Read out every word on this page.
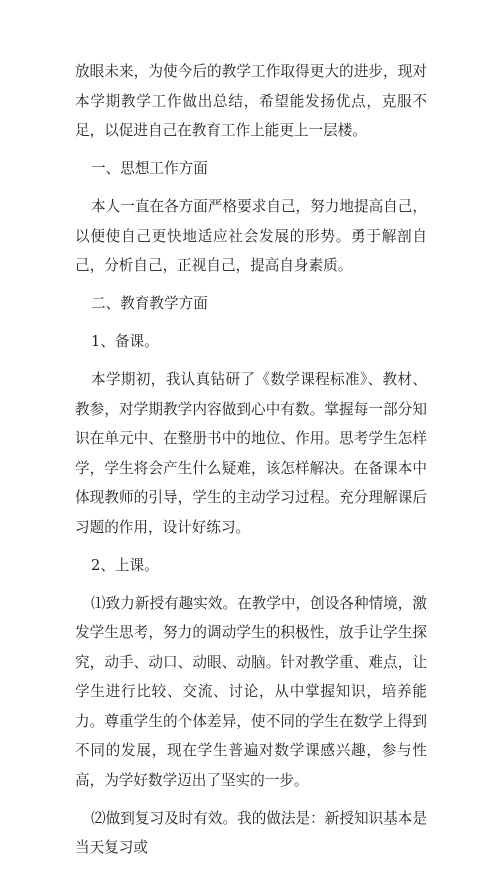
放眼未来，为使今后的教学工作取得更大的进步，现对本学期教学工作做出总结，希望能发扬优点，克服不足，以促进自己在教育工作上能更上一层楼。

一、思想工作方面

本人一直在各方面严格要求自己，努力地提高自己，以便使自己更快地适应社会发展的形势。勇于解剖自己，分析自己，正视自己，提高自身素质。

二、教育教学方面

1、备课。

本学期初，我认真钻研了《数学课程标准》、教材、教参，对学期教学内容做到心中有数。掌握每一部分知识在单元中、在整册书中的地位、作用。思考学生怎样学，学生将会产生什么疑难，该怎样解决。在备课本中体现教师的引导，学生的主动学习过程。充分理解课后习题的作用，设计好练习。

2、上课。

⑴致力新授有趣实效。在教学中，创设各种情境，激发学生思考，努力的调动学生的积极性，放手让学生探究，动手、动口、动眼、动脑。针对教学重、难点，让学生进行比较、交流、讨论，从中掌握知识，培养能力。尊重学生的个体差异，使不同的学生在数学上得到不同的发展，现在学生普遍对数学课感兴趣，参与性高，为学好数学迈出了坚实的一步。

⑵做到复习及时有效。我的做法是：新授知识基本是当天复习或
